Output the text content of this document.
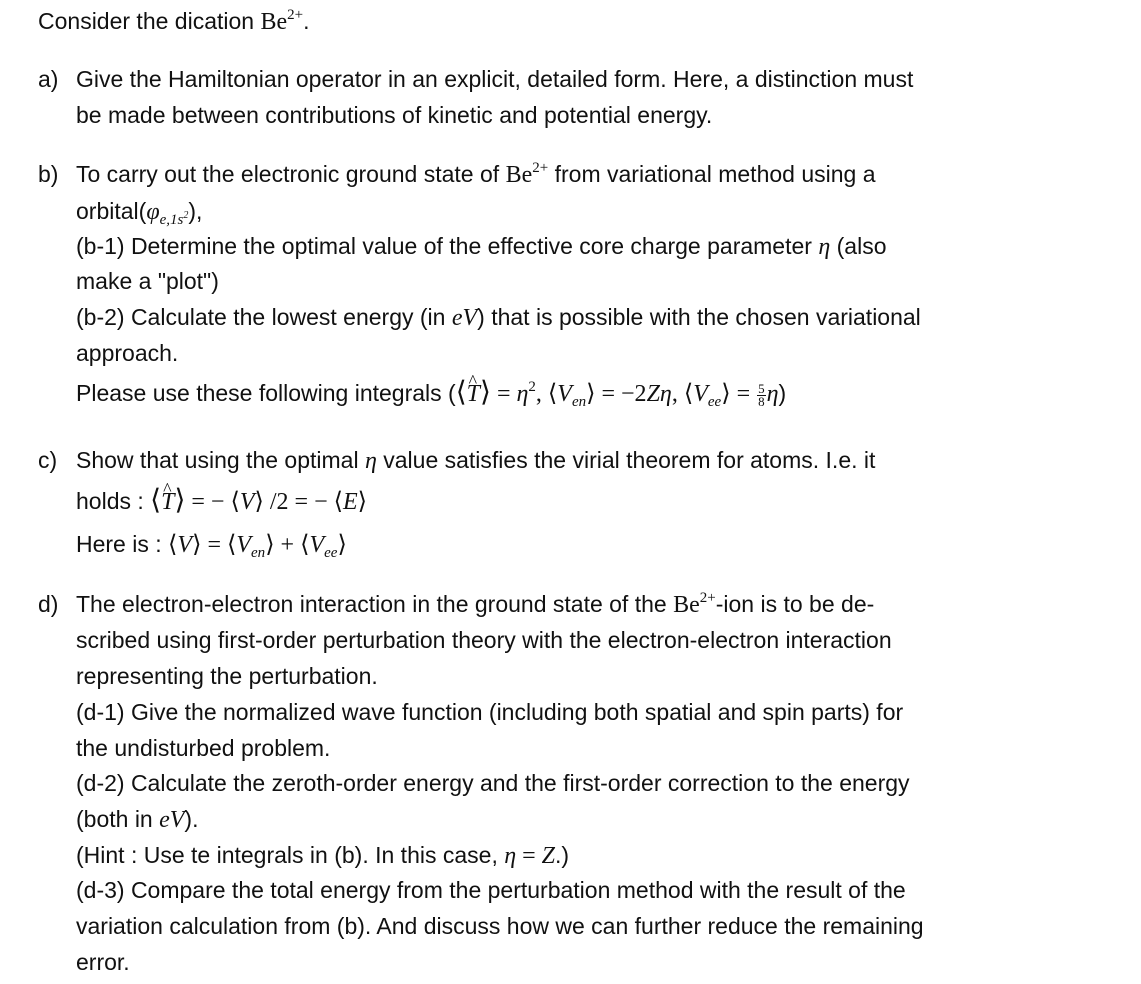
Consider the dication $Be^{2+}$.
a) Give the Hamiltonian operator in an explicit, detailed form. Here, a distinction must
be made between contributions of kinetic and potential energy.
b) To carry out the electronic ground state of $Be^{2+}$ from variational method using a
$orbital(\varphi_{e,1s^2})$,
(b-1) Determine the optimal value of the effective core charge parameter η (also
make a "plot")
(b-2) Calculate the lowest energy (in eV) that is possible with the chosen variational
approach.
Please use these following integrals (⟨^ T⟩ = $\eta^2$, $⟨V_{en}⟩ = -2Z\eta$, $⟨V_{ee}⟩ = \frac{5}{8} \eta$)
c) Show that using the optimal η value satisfies the virial theorem for atoms. I.e. it
holds : ⟨^ T⟩ = − ⟨V⟩ /2 = − ⟨E⟩
Here is : ⟨V⟩ = $⟨V_{en}⟩$ + $⟨V_{ee}⟩$
d) The electron-electron interaction in the ground state of the $Be^{2+}$-ion is to be de-
scribed using first-order perturbation theory with the electron-electron interaction
representing the perturbation.
(d-1) Give the normalized wave function (including both spatial and spin parts) for
the undisturbed problem.
(d-2) Calculate the zeroth-order energy and the first-order correction to the energy
(both in eV).
(Hint : Use te integrals in (b). In this case, η = Z.)
(d-3) Compare the total energy from the perturbation method with the result of the
variation calculation from (b). And discuss how we can further reduce the remaining
error.
